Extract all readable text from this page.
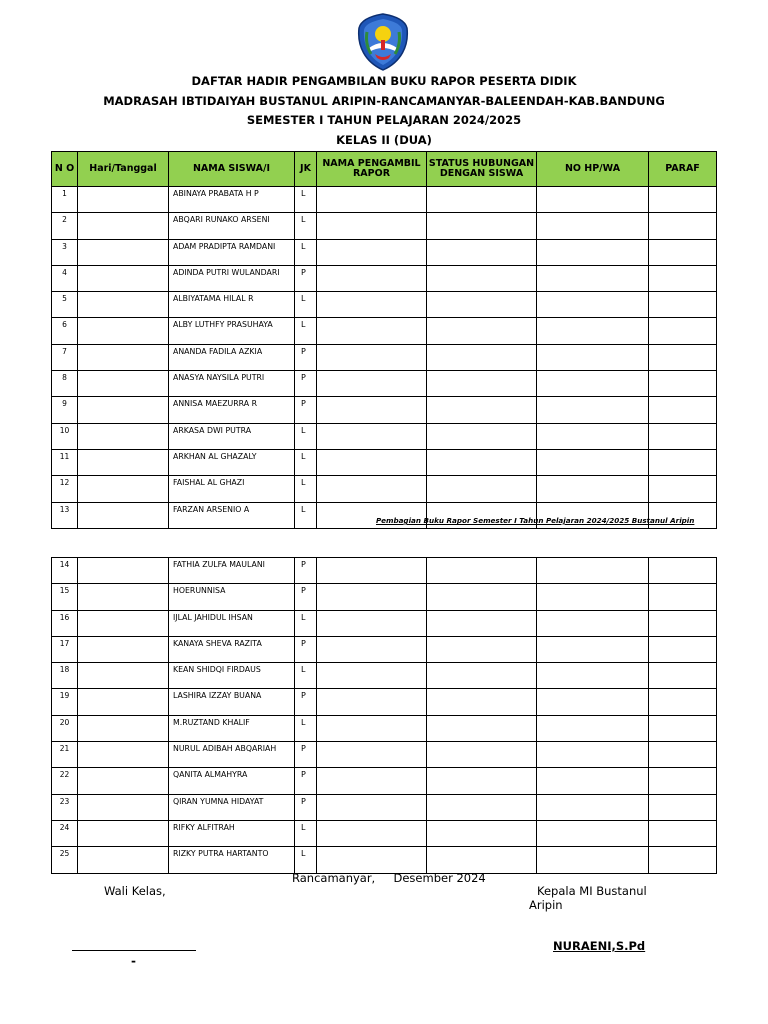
DAFTAR HADIR PENGAMBILAN BUKU RAPOR PESERTA DIDIK
MADRASAH IBTIDAIYAH BUSTANUL ARIPIN-RANCAMANYAR-BALEENDAH-KAB.BANDUNG
SEMESTER I TAHUN PELAJARAN 2024/2025
KELAS II (DUA)
N O	Hari/Tanggal	NAMA SISWA/I	JK	NAMA PENGAMBIL RAPOR	STATUS HUBUNGAN DENGAN SISWA	NO HP/WA	PARAF
1		ABINAYA PRABATA H P	L				
2		ABQARI RUNAKO ARSENI	L				
3		ADAM PRADIPTA RAMDANI	L				
4		ADINDA PUTRI WULANDARI	P				
5		ALBIYATAMA HILAL R	L				
6		ALBY LUTHFY PRASUHAYA	L				
7		ANANDA FADILA AZKIA	P				
8		ANASYA NAYSILA PUTRI	P				
9		ANNISA MAEZURRA R	P				
10		ARKASA DWI PUTRA	L				
11		ARKHAN AL GHAZALY	L				
12		FAISHAL AL GHAZI	L				
13		FARZAN ARSENIO A	L				
Pembagian Buku Rapor Semester I Tahun Pelajaran 2024/2025 Bustanul Aripin
14		FATHIA ZULFA MAULANI	P				
15		HOERUNNISA	P				
16		IJLAL JAHIDUL IHSAN	L				
17		KANAYA SHEVA RAZITA	P				
18		KEAN SHIDQI FIRDAUS	L				
19		LASHIRA IZZAY BUANA	P				
20		M.RUZTAND KHALIF	L				
21		NURUL ADIBAH ABQARIAH	P				
22		QANITA ALMAHYRA	P				
23		QIRAN YUMNA HIDAYAT	P				
24		RIFKY ALFITRAH	L				
25		RIZKY PUTRA HARTANTO	L				
Rancamanyar,     Desember 2024
Wali Kelas,	Kepala MI Bustanul
Aripin
-
NURAENI,S.Pd
